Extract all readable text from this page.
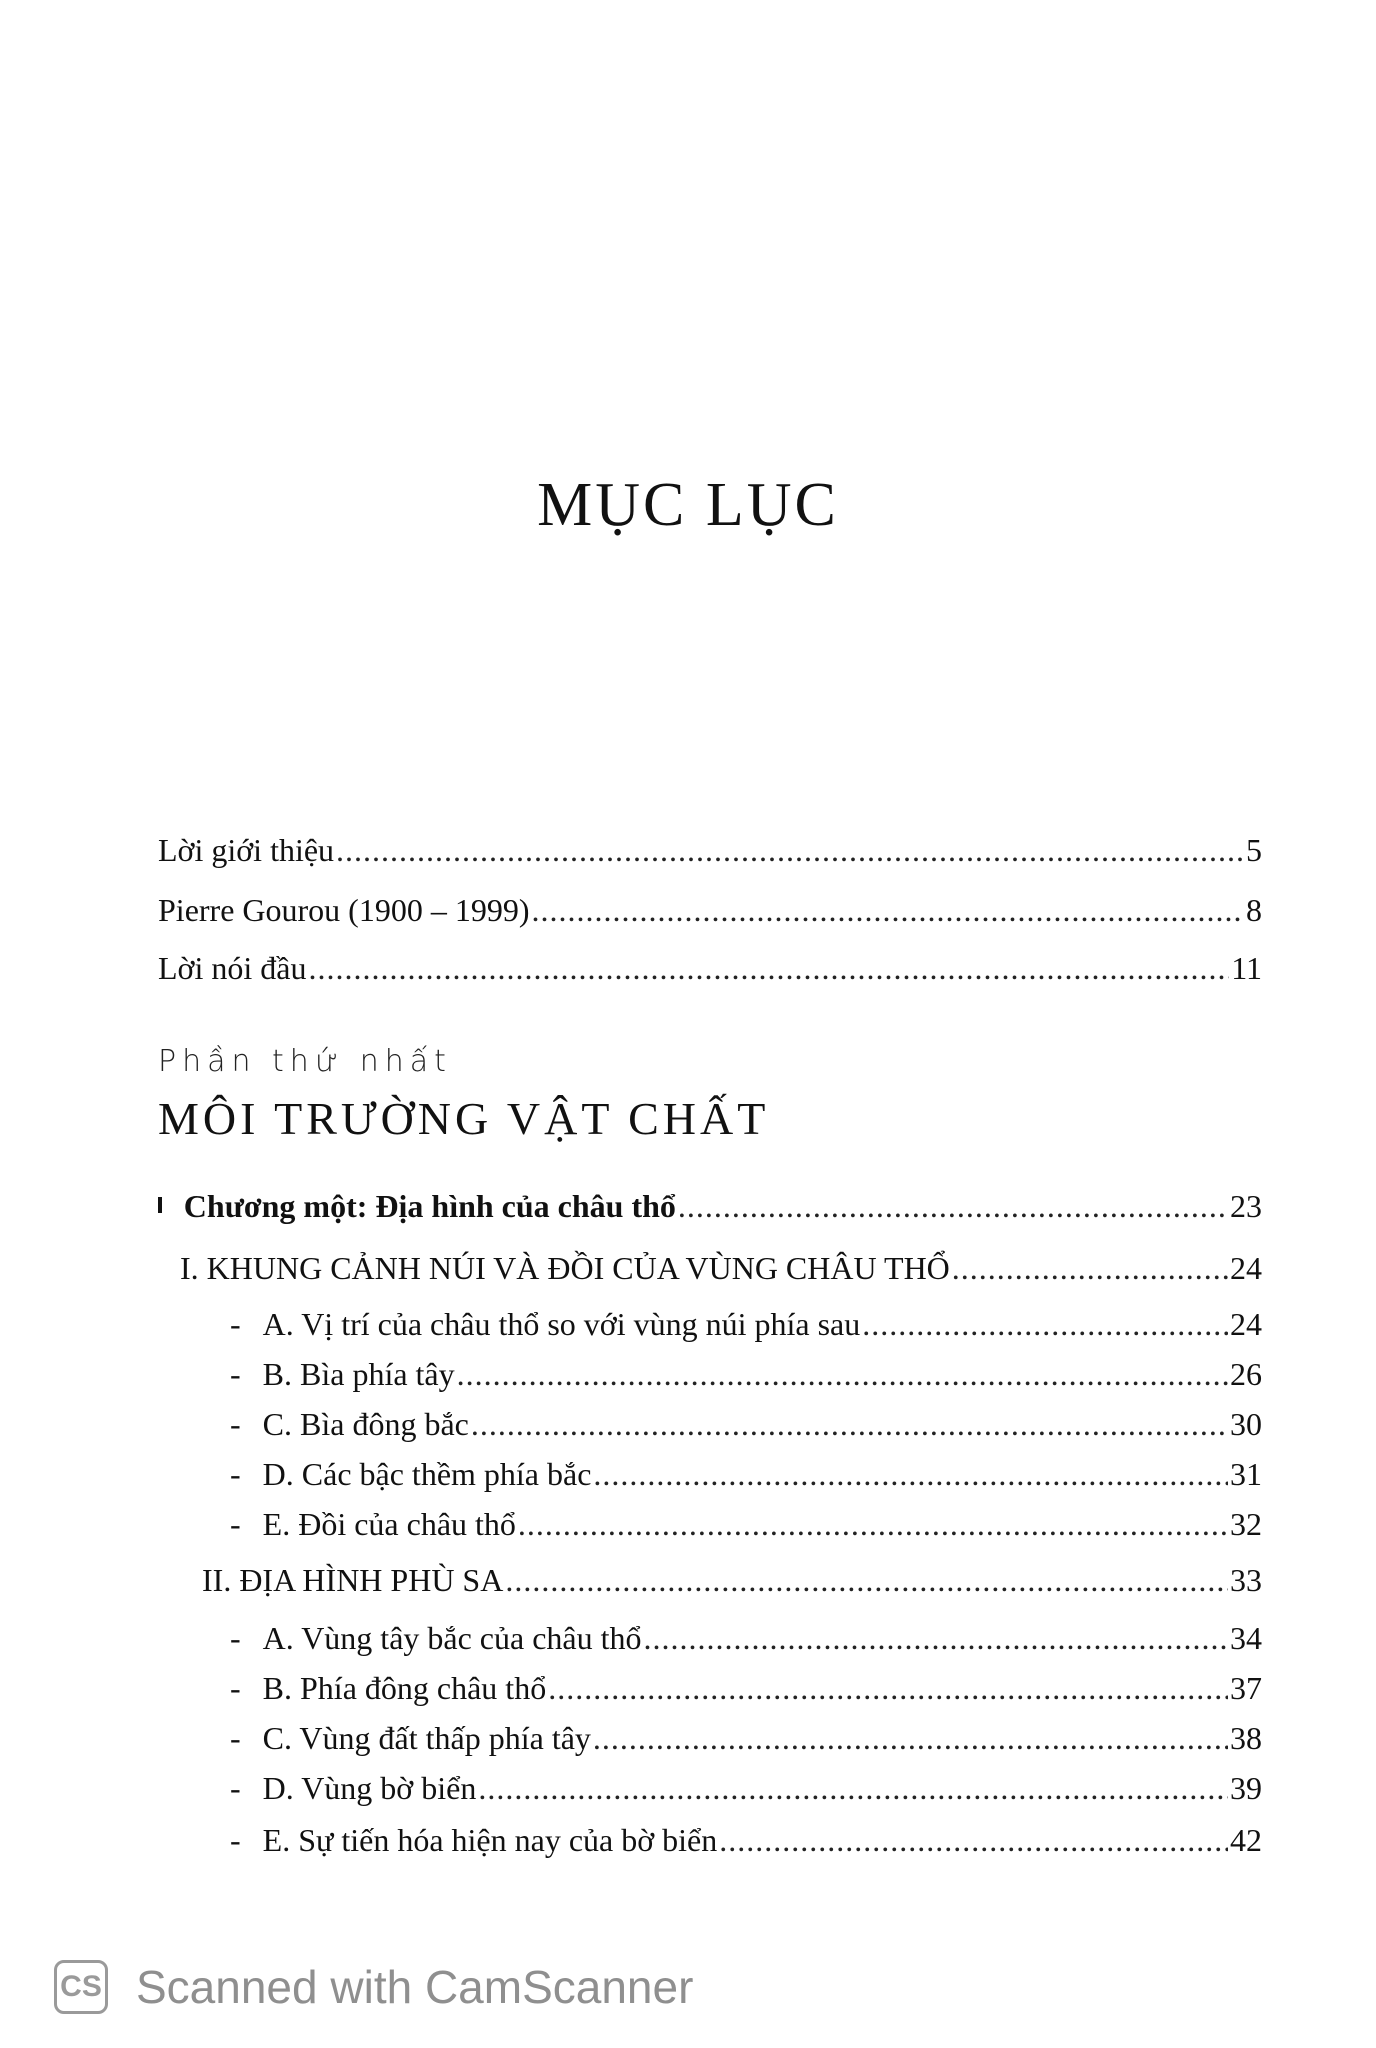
MỤC LỤC
Lời giới thiệu .....	5
Pierre Gourou (1900 – 1999) .....	8
Lời nói đầu .....	11
Phần thứ nhất
MÔI TRƯỜNG VẬT CHẤT
Chương một: Địa hình của châu thổ .....	23
I. KHUNG CẢNH NÚI VÀ ĐỒI CỦA VÙNG CHÂU THỔ .....	24
- A. Vị trí của châu thổ so với vùng núi phía sau .....	24
- B. Bìa phía tây .....	26
- C. Bìa đông bắc .....	30
- D. Các bậc thềm phía bắc .....	31
- E. Đồi của châu thổ .....	32
II. ĐỊA HÌNH PHÙ SA .....	33
- A. Vùng tây bắc của châu thổ .....	34
- B. Phía đông châu thổ .....	37
- C. Vùng đất thấp phía tây .....	38
- D. Vùng bờ biển .....	39
- E. Sự tiến hóa hiện nay của bờ biển .....	42
CS Scanned with CamScanner
